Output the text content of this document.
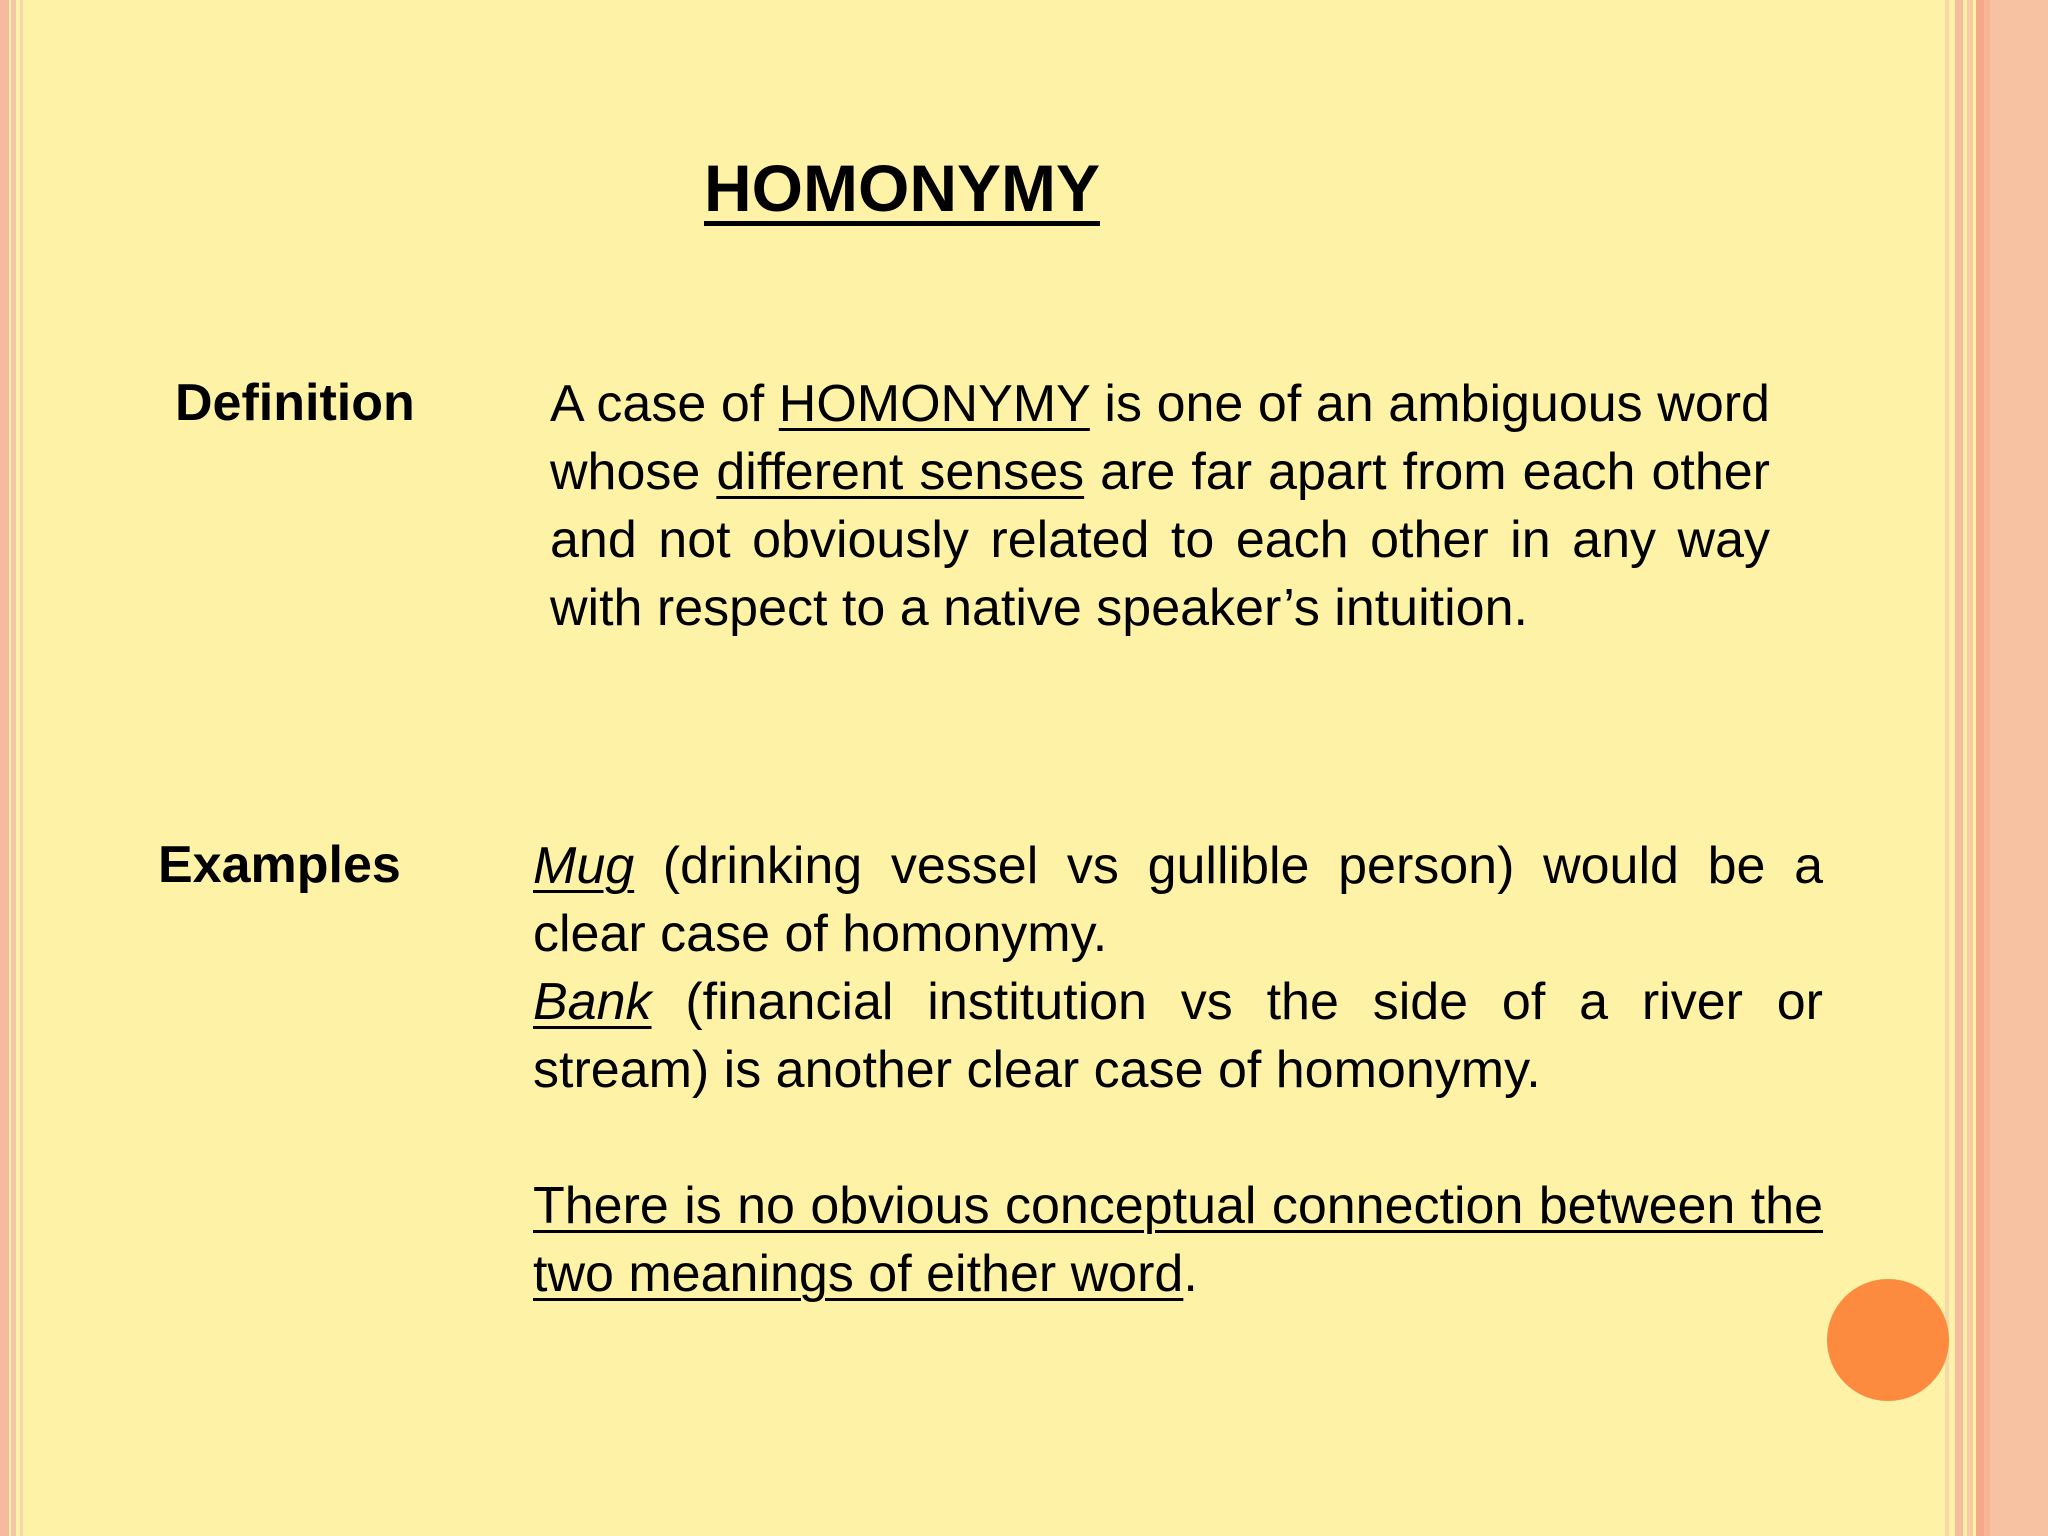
HOMONYMY
Definition	A case of HOMONYMY is one of an ambiguous word whose different senses are far apart from each other and not obviously related to each other in any way with respect to a native speaker’s intuition.

Examples	Mug (drinking vessel vs gullible person) would be a clear case of homonymy.
Bank (financial institution vs the side of a river or stream) is another clear case of homonymy.
There is no obvious conceptual connection between the two meanings of either word.
